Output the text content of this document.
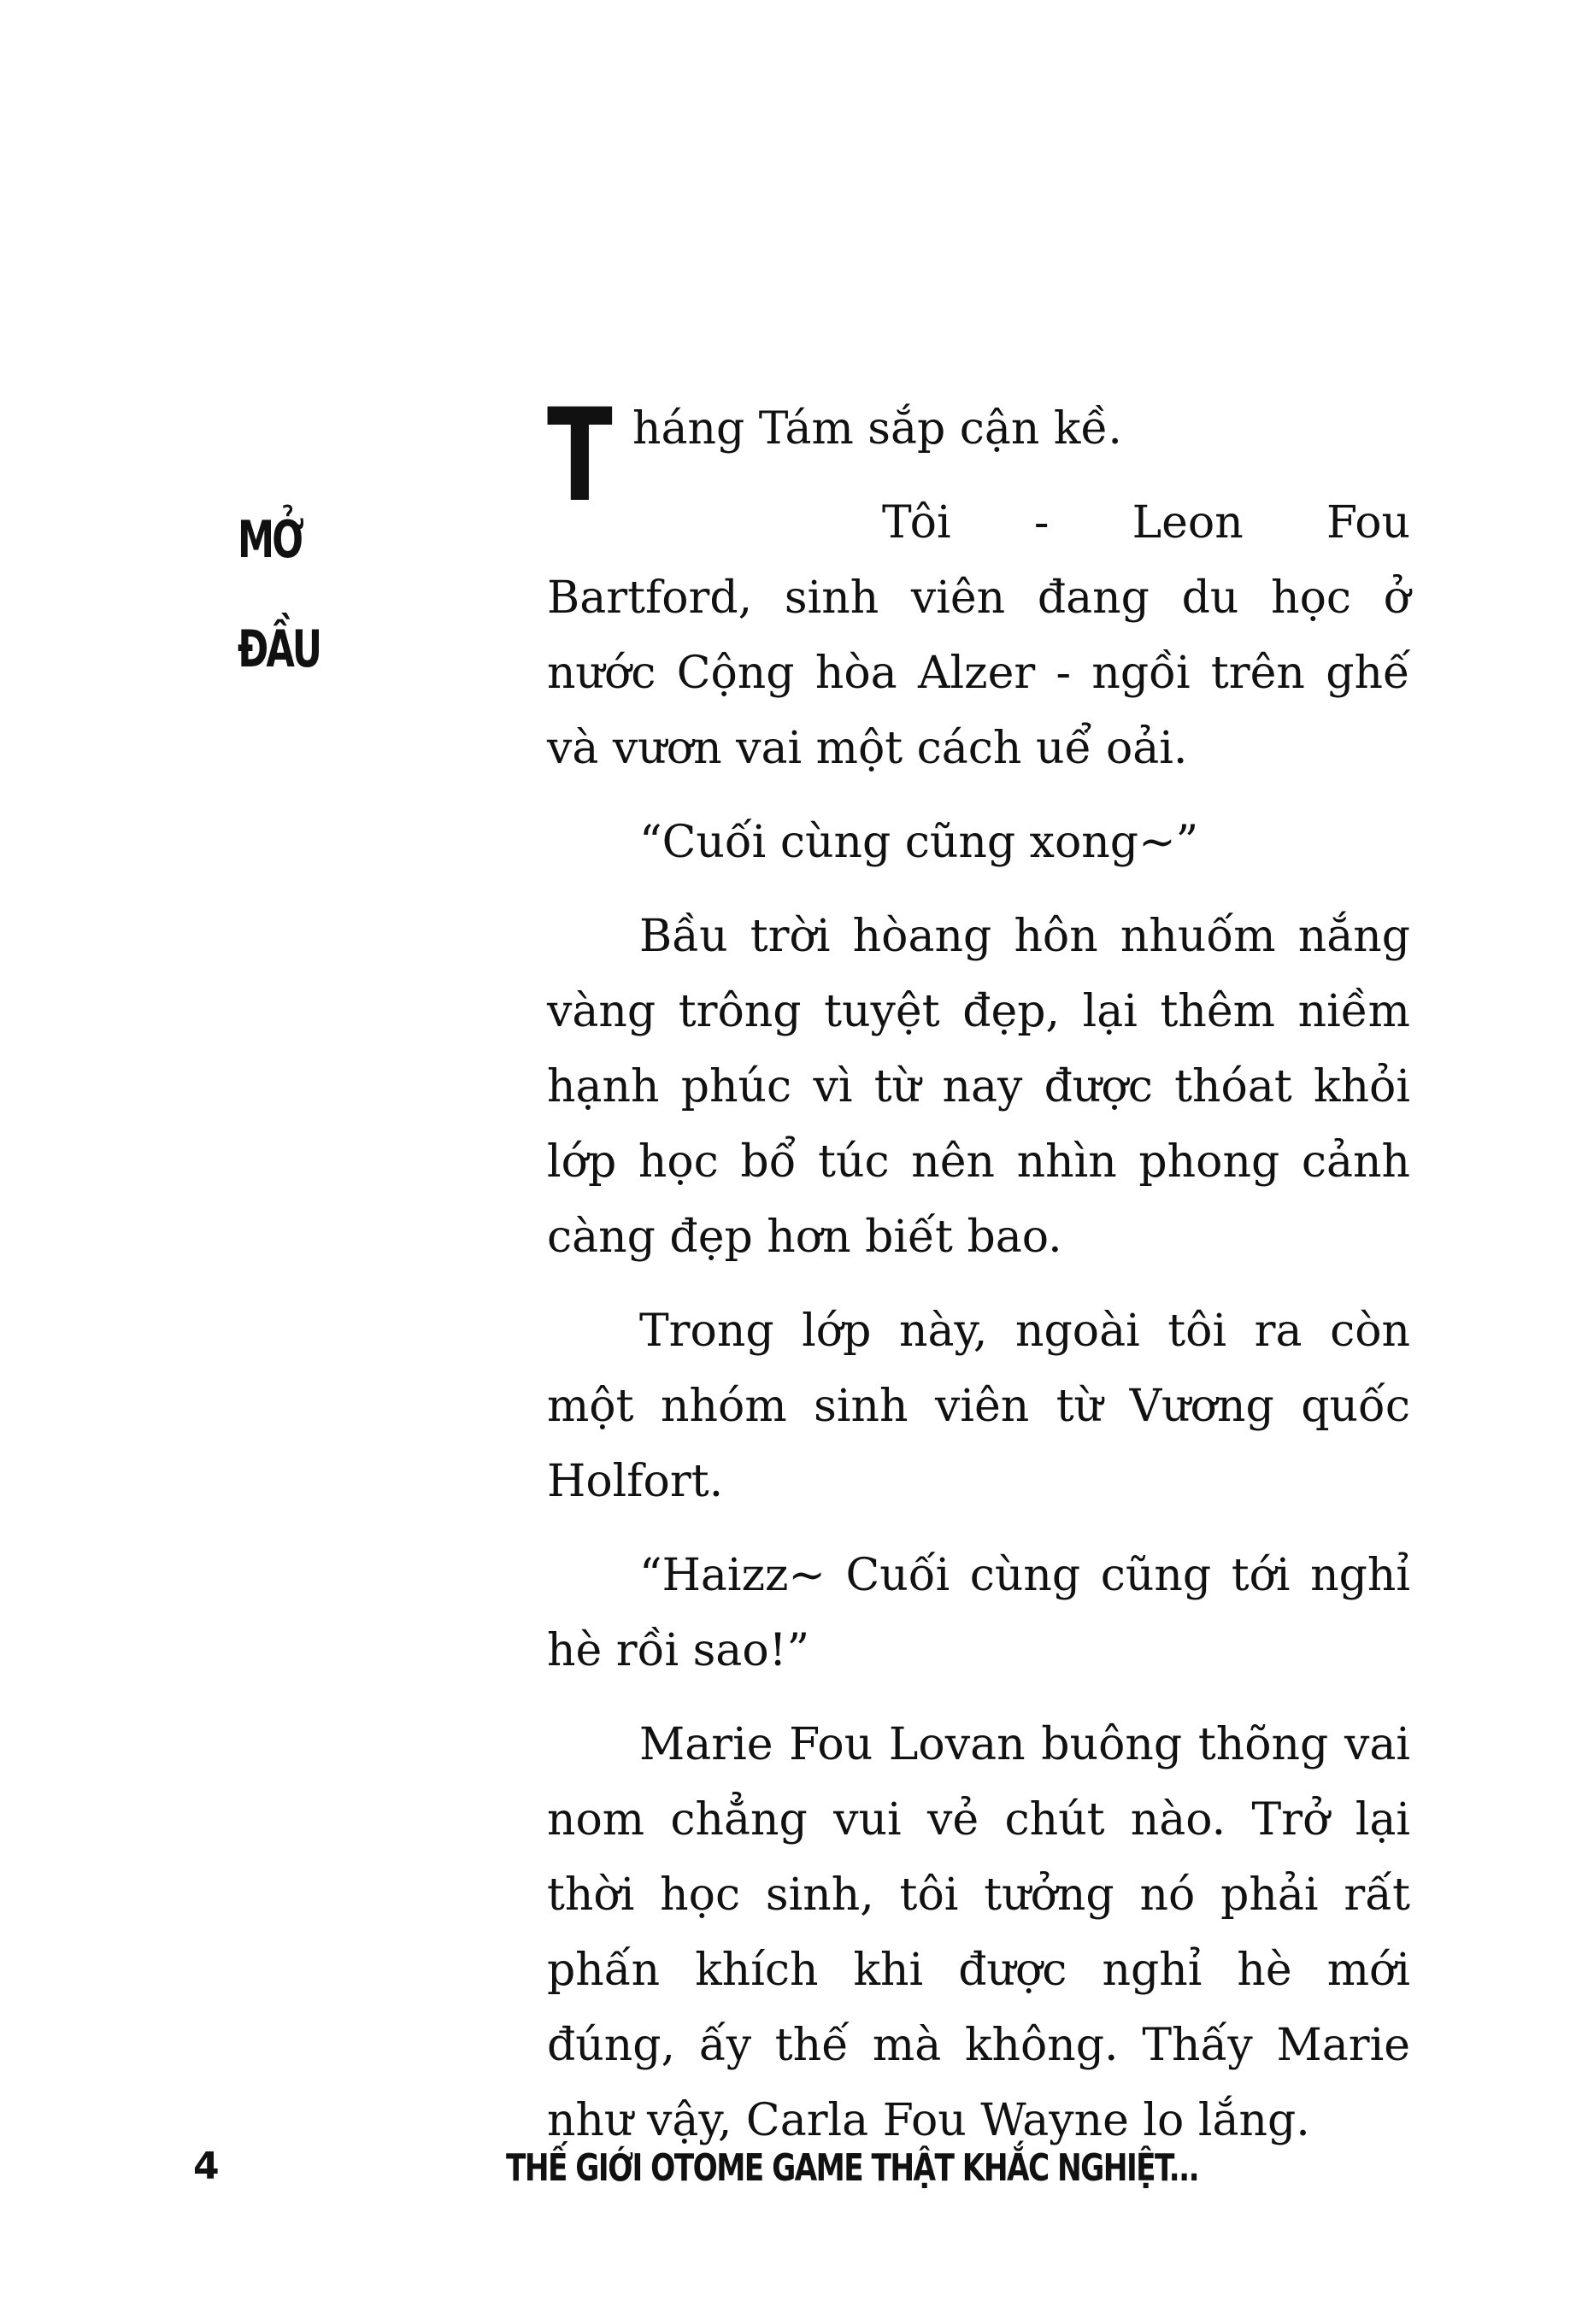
MỞ
ĐẦU

Tháng Tám sắp cận kề.

Tôi - Leon Fou Bartford, sinh viên đang du học ở nước Cộng hòa Alzer - ngồi trên ghế và vươn vai một cách uể oải.

“Cuối cùng cũng xong~”

Bầu trời hòang hôn nhuốm nắng vàng trông tuyệt đẹp, lại thêm niềm hạnh phúc vì từ nay được thóat khỏi lớp học bổ túc nên nhìn phong cảnh càng đẹp hơn biết bao.

Trong lớp này, ngoài tôi ra còn một nhóm sinh viên từ Vương quốc Holfort.

“Haizz~ Cuối cùng cũng tới nghỉ hè rồi sao!”

Marie Fou Lovan buông thõng vai nom chẳng vui vẻ chút nào. Trở lại thời học sinh, tôi tưởng nó phải rất phấn khích khi được nghỉ hè mới đúng, ấy thế mà không. Thấy Marie như vậy, Carla Fou Wayne lo lắng.

4	THẾ GIỚI OTOME GAME THẬT KHẮC NGHIỆT...
